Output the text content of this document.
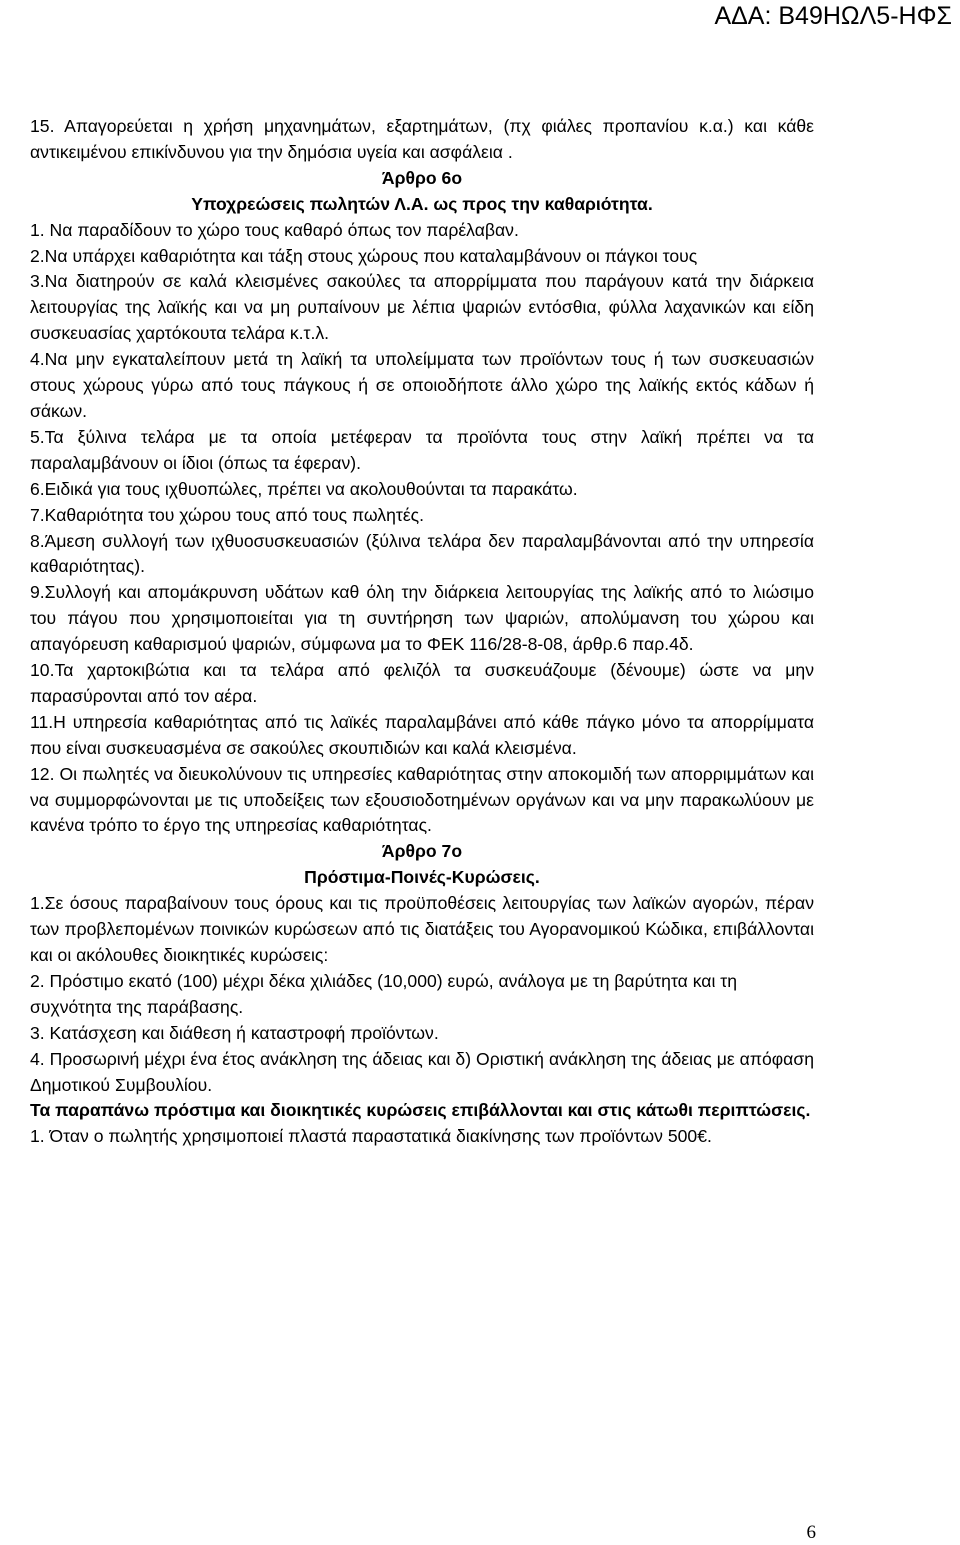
ΑΔΑ: Β49ΗΩΛ5-ΗΦΣ

15. Απαγορεύεται η χρήση μηχανημάτων, εξαρτημάτων, (πχ φιάλες προπανίου κ.α.) και κάθε αντικειμένου επικίνδυνου για την δημόσια υγεία και ασφάλεια .

Άρθρο 6ο

Υποχρεώσεις πωλητών Λ.Α. ως προς την καθαριότητα.

1. Να παραδίδουν το χώρο τους καθαρό όπως τον παρέλαβαν.

2.Να υπάρχει καθαριότητα και τάξη στους χώρους που καταλαμβάνουν οι πάγκοι τους

3.Να διατηρούν σε καλά κλεισμένες σακούλες τα απορρίμματα που παράγουν κατά την διάρκεια λειτουργίας της λαϊκής και να μη ρυπαίνουν με λέπια ψαριών εντόσθια, φύλλα λαχανικών και είδη συσκευασίας χαρτόκουτα τελάρα κ.τ.λ.

4.Να μην εγκαταλείπουν μετά τη λαϊκή τα υπολείμματα των προϊόντων τους ή των συσκευασιών στους χώρους γύρω από τους πάγκους ή σε οποιοδήποτε άλλο χώρο της λαϊκής εκτός κάδων ή σάκων.

5.Τα ξύλινα τελάρα με τα οποία μετέφεραν τα προϊόντα τους στην λαϊκή πρέπει να τα παραλαμβάνουν οι ίδιοι (όπως τα έφεραν).

6.Ειδικά για τους ιχθυοπώλες, πρέπει να ακολουθούνται τα παρακάτω.

7.Καθαριότητα του χώρου τους από τους πωλητές.

8.Άμεση συλλογή των ιχθυοσυσκευασιών (ξύλινα τελάρα δεν παραλαμβάνονται από την υπηρεσία καθαριότητας).

9.Συλλογή και απομάκρυνση υδάτων καθ όλη την διάρκεια λειτουργίας της λαϊκής από το λιώσιμο του πάγου που χρησιμοποιείται για τη συντήρηση των ψαριών, απολύμανση του χώρου και απαγόρευση καθαρισμού ψαριών, σύμφωνα μα το ΦΕΚ 116/28-8-08, άρθρ.6 παρ.4δ.

10.Τα χαρτοκιβώτια και τα τελάρα από φελιζόλ τα συσκευάζουμε (δένουμε) ώστε να μην παρασύρονται από τον αέρα.

11.Η υπηρεσία καθαριότητας από τις λαϊκές παραλαμβάνει από κάθε πάγκο μόνο τα απορρίμματα που είναι συσκευασμένα σε σακούλες σκουπιδιών και καλά κλεισμένα.

12. Οι πωλητές να διευκολύνουν τις υπηρεσίες καθαριότητας στην αποκομιδή των απορριμμάτων και να συμμορφώνονται με τις υποδείξεις των εξουσιοδοτημένων οργάνων και να μην παρακωλύουν με κανένα τρόπο το έργο της υπηρεσίας καθαριότητας.

Άρθρο 7ο

Πρόστιμα-Ποινές-Κυρώσεις.

1.Σε όσους παραβαίνουν τους όρους και τις προϋποθέσεις λειτουργίας των λαϊκών αγορών, πέραν των προβλεπομένων ποινικών κυρώσεων από τις διατάξεις του Αγορανομικού Κώδικα, επιβάλλονται και οι ακόλουθες διοικητικές κυρώσεις:

2. Πρόστιμο εκατό (100) μέχρι δέκα χιλιάδες (10,000) ευρώ, ανάλογα με τη βαρύτητα και τη

συχνότητα της παράβασης.

3. Κατάσχεση και διάθεση ή καταστροφή προϊόντων.

4. Προσωρινή μέχρι ένα έτος ανάκληση της άδειας και δ) Οριστική ανάκληση της άδειας με απόφαση Δημοτικού Συμβουλίου.

Τα παραπάνω πρόστιμα και διοικητικές κυρώσεις επιβάλλονται και στις κάτωθι περιπτώσεις.

1. Όταν ο πωλητής χρησιμοποιεί πλαστά παραστατικά διακίνησης των προϊόντων 500€.

6
